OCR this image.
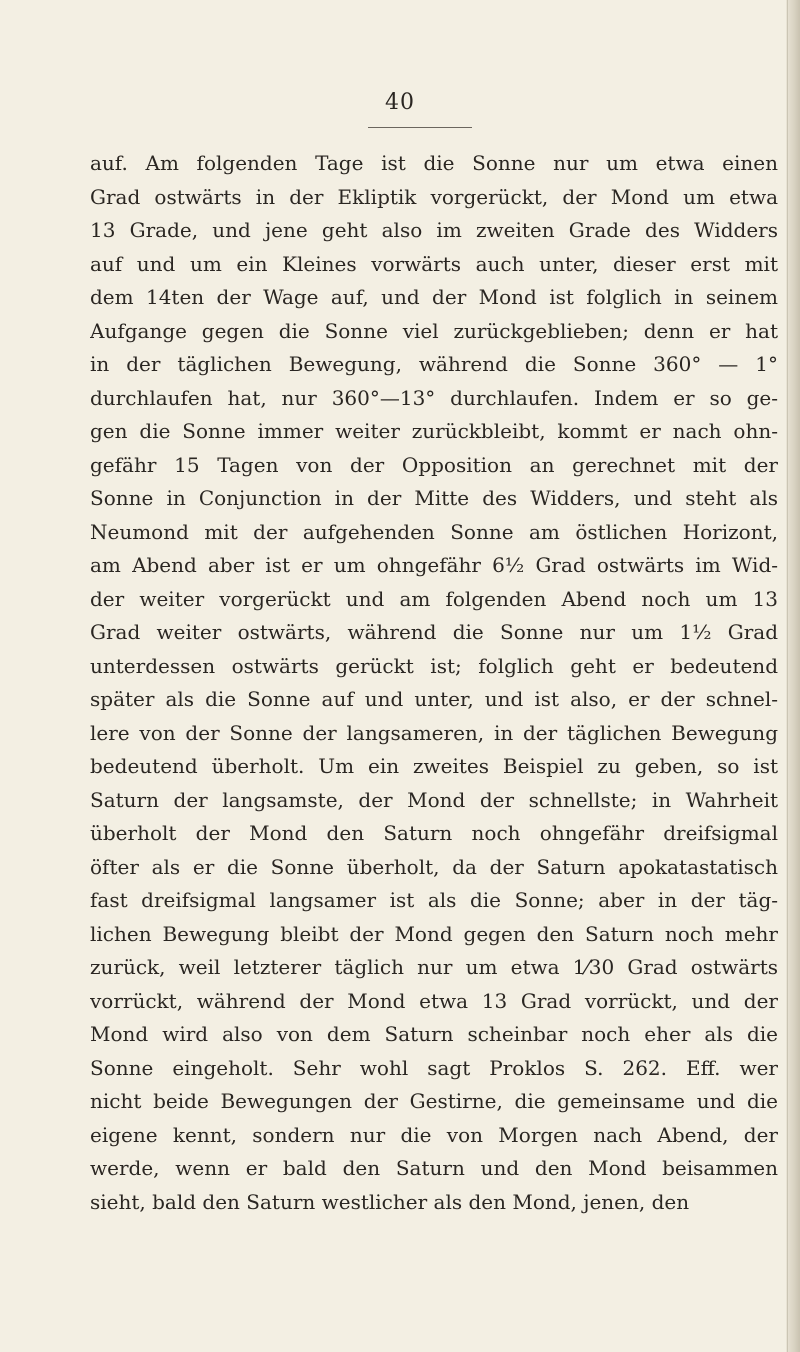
40
auf. Am folgenden Tage ist die Sonne nur um etwa einen
Grad ostwärts in der Ekliptik vorgerückt, der Mond um etwa
13 Grade, und jene geht also im zweiten Grade des Widders
auf und um ein Kleines vorwärts auch unter, dieser erst mit
dem 14ten der Wage auf, und der Mond ist folglich in seinem
Aufgange gegen die Sonne viel zurückgeblieben; denn er hat
in der täglichen Bewegung, während die Sonne 360° — 1°
durchlaufen hat, nur 360°—13° durchlaufen. Indem er so ge-
gen die Sonne immer weiter zurückbleibt, kommt er nach ohn-
gefähr 15 Tagen von der Opposition an gerechnet mit der
Sonne in Conjunction in der Mitte des Widders, und steht als
Neumond mit der aufgehenden Sonne am östlichen Horizont,
am Abend aber ist er um ohngefähr 6½ Grad ostwärts im Wid-
der weiter vorgerückt und am folgenden Abend noch um 13
Grad weiter ostwärts, während die Sonne nur um 1½ Grad
unterdessen ostwärts gerückt ist; folglich geht er bedeutend
später als die Sonne auf und unter, und ist also, er der schnel-
lere von der Sonne der langsameren, in der täglichen Bewegung
bedeutend überholt. Um ein zweites Beispiel zu geben, so ist
Saturn der langsamste, der Mond der schnellste; in Wahrheit
überholt der Mond den Saturn noch ohngefähr dreifsigmal
öfter als er die Sonne überholt, da der Saturn apokatastatisch
fast dreifsigmal langsamer ist als die Sonne; aber in der täg-
lichen Bewegung bleibt der Mond gegen den Saturn noch mehr
zurück, weil letzterer täglich nur um etwa 1⁄30 Grad ostwärts
vorrückt, während der Mond etwa 13 Grad vorrückt, und der
Mond wird also von dem Saturn scheinbar noch eher als die
Sonne eingeholt. Sehr wohl sagt Proklos S. 262. Eff. wer
nicht beide Bewegungen der Gestirne, die gemeinsame und die
eigene kennt, sondern nur die von Morgen nach Abend, der
werde, wenn er bald den Saturn und den Mond beisammen
sieht, bald den Saturn westlicher als den Mond, jenen, den
